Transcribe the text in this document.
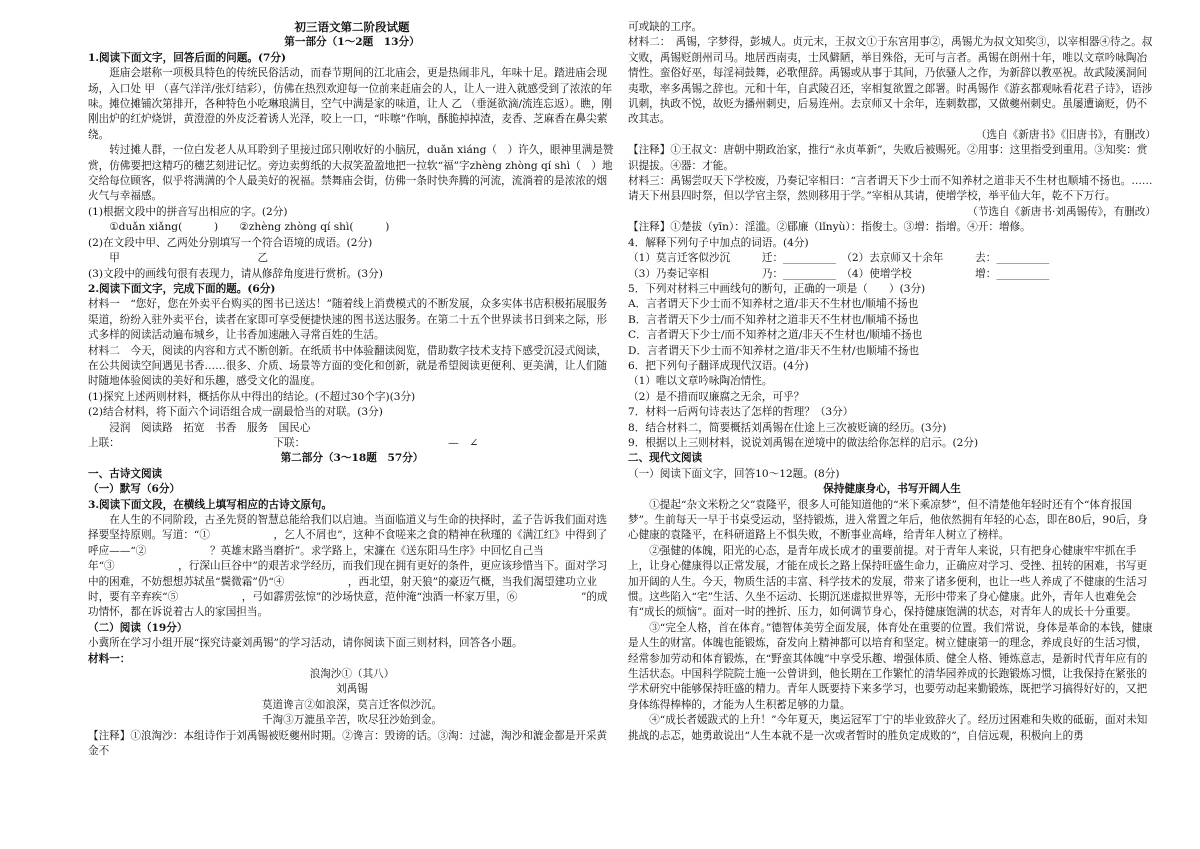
初三语文第二阶段试题

第一部分（1～2题　13分）

1.阅读下面文字，回答后面的问题。(7分)

逛庙会堪称一项极具特色的传统民俗活动，而春节期间的江北庙会，更是热闹非凡，年味十足。踏进庙会现场，入口处 甲 （喜气洋洋/张灯结彩），仿佛在热烈欢迎每一位前来赶庙会的人，让人一进入就感受到了浓浓的年味。摊位摊铺次第排开，各种特色小吃琳琅满目，空气中满是家的味道，让人 乙 （垂涎欲滴/流连忘返）。瞧，刚刚出炉的红炉烧饼，黄澄澄的外皮泛着诱人光泽，咬上一口，“咔嚓”作响，酥脆掉掉渣，麦香、芝麻香在鼻尖萦绕。

转过摊人群，一位白发老人从耳聆到子里接过邱只刚收好的小脑尻，duǎn xiáng（　）许久，眼神里满是赞赏，仿佛要把这精巧的穗艺刻进记忆。旁边卖剪纸的大叔笑盈盈地把一拉软“福”字zhèng zhòng qí shì（　）地交给每位顾客，似乎将满满的个人最美好的祝福。禁舞庙会街，仿佛一条时快奔腾的河流，流淌着的是浓浓的烟火气与幸福感。

(1)根据文段中的拼音写出相应的字。(2分)

①duǎn xiǎng(　　　)　　②zhèng zhòng qí shì(　　　)

(2)在文段中甲、乙两处分别填写一个符合语境的成语。(2分)

甲　　　　　　　　　　　　　乙

(3)文段中的画线句很有表现力，请从修辞角度进行赏析。(3分)

2.阅读下面文字，完成下面的题。(6分)

材料一　“您好，您在外卖平台购买的图书已送达！”随着线上消费模式的不断发展，众多实体书店积极拓展服务渠道，纷纷入驻外卖平台，读者在家即可享受便捷快速的图书送达服务。在第二十五个世界读书日到来之际，形式多样的阅读活动遍布城乡，让书香加速融入寻常百姓的生活。

材料二　今天，阅读的内容和方式不断创新。在纸质书中体验翻读阅览，借助数字技术支持下感受沉浸式阅读，在公共阅读空间遇见书香……很多、介质、场景等方面的变化和创新，就是希望阅读更便利、更美满，让人们随时随地体验阅读的美好和乐趣，感受文化的温度。

(1)探究上述两则材料，概括你从中得出的结论。(不超过30个字)(3分)

(2)结合材料，将下面六个词语组合成一副最恰当的对联。(3分)

浸润　阅读路　拓宽　书香　服务　国民心

上联：　　　　　　　　　　　　　　　下联：　　　　　　　　　　　　　　—　∠

第二部分（3～18题　57分）

一、古诗文阅读

（一）默写（6分）

3.阅读下面文段，在横线上填写相应的古诗文原句。

在人生的不同阶段，古圣先贤的智慧总能给我们以启迪。当面临道义与生命的抉择时，孟子告诉我们面对选择要坚持原则。写道：“①　　　　　　，乞人不屑也”，这种不食嗟来之食的精神在秋瑾的《满江红》中得到了呼应——“②　　　　　　？英雄末路当磨折”。求学路上，宋濂在《送东阳马生序》中回忆自己当年“③　　　　　　，行深山巨谷中”的艰苦求学经历，而我们现在拥有更好的条件，更应该珍惜当下。面对学习中的困难，不妨想想苏轼虽“鬓微霜”仍“④　　　　　　，西北望，射天狼”的豪迈气概，当我们渴望建功立业时，要有辛弃疾“⑤　　　　　　，弓如霹雳弦惊”的沙场快意，范仲淹“浊酒一杯家万里，⑥　　　　　　”的成功情怀，都在诉说着古人的家国担当。

（二）阅读（19分）

小冀所在学习小组开展“探究诗豪刘禹锡”的学习活动，请你阅读下面三则材料，回答各小题。

材料一：

浪淘沙①（其八）

刘禹锡

莫道谗言②如浪深，莫言迁客似沙沉。

千淘③万漉虽辛苦，吹尽狂沙始到金。

【注释】①浪淘沙：本组诗作于刘禹锡被贬夔州时期。②谗言：毁谤的话。③淘：过滤，淘沙和漉金都是开采黄金不

可或缺的工序。

材料二：　禹锡，字梦得，彭城人。贞元末，王叔文①于东宫用事②，禹锡尤为叔文知奖③，以宰相器④待之。叔文败，禹锡贬朗州司马。地居西南夷，士风僻陋，举目殊俗，无可与言者。禹锡在朗州十年，唯以文章吟咏陶冶情性。蛮俗好巫，每淫祠鼓舞，必歌俚辞。禹锡或从事于其间，乃依骚人之作，为新辞以教巫祝。故武陵溪洞间夷歌，率多禹锡之辞也。元和十年，自武陵召还，宰相复欲置之郎署。时禹锡作《游玄都观咏看花君子诗》，语涉讥刺，执政不悦，故贬为播州刺史，后易连州。去京师又十余年，连刺数郡，又做夔州刺史。虽屡遭谪贬，仍不改其志。

（选自《新唐书》《旧唐书》，有删改）

【注释】①王叔文：唐朝中期政治家，推行“永贞革新”，失败后被赐死。②用事：这里指受到重用。③知奖：赏识提拔。④器：才能。

材料三：禹锡尝叹天下学校废，乃奏记宰相曰：“言者谓天下少士而不知养材之道非天不生材也顺埔不扬也。……请天下州县四时祭，但以学官主祭，然则移用于学。”宰相从其请，使增学校，举平仙大年，乾不下万行。

（节选自《新唐书·刘禹锡传》，有删改）

【注释】①楚拔（yīn）：淫滥。②郿廉（lǐnyù）：指俊士。③增：指增。④开：增修。

4．解释下列句子中加点的词语。(4分)

（1）莫言迁客似沙沉　　　迁：__________　（2）去京师又十余年　　　去：__________

（3）乃奏记宰相　　　　　乃：__________　（4）使增学校　　　　　　增：__________

5．下列对材料三中画线句的断句，正确的一项是（　　）(3分)

A．言者谓天下少士而不知养材之道/非天不生材也/顺埔不扬也

B．言者谓天下少士/而不知养材之道非天不生材也/顺埔不扬也

C．言者谓天下少士/而不知养材之道/非天不生材也/顺埔不扬也

D．言者谓天下少士而不知养材之道/非天不生材/也顺埔不扬也

6．把下列句子翻译成现代汉语。(4分)

（1）唯以文章吟咏陶冶情性。

（2）是不措而叹廉腐之无余，可乎？

7．材料一后两句诗表达了怎样的哲理？（3分）

8．结合材料二，简要概括刘禹锡在仕途上三次被贬谪的经历。(3分)

9．根据以上三则材料，说说刘禹锡在逆境中的做法给你怎样的启示。(2分)

二、现代文阅读

（一）阅读下面文字，回答10～12题。(8分)

保持健康身心，书写开阔人生

①提起“杂文米粉之父”袁隆平，很多人可能知道他的“米下乘凉梦”，但不清楚他年轻时还有个“体育报国梦”。生前每天一早于书桌受运动，坚持锻炼，进入常置之年后，他依然拥有年轻的心态，即在80后，90后，身心健康的袁隆平，在科研道路上不惧失败，不断事业高峰，给青年人树立了榜样。

②强健的体魄，阳光的心态，是青年成长成才的重要前提。对于青年人来说，只有把身心健康牢牢抓在手上，让身心健康得以正常发展，才能在成长之路上保持旺盛生命力，正确应对学习、受挫、扭转的困难，书写更加开阔的人生。今天，物质生活的丰富、科学技术的发展，带来了诸多便利，也让一些人养成了不健康的生活习惯。这些陷入“宅”生活、久坐不运动、长期沉迷虚拟世界等，无形中带来了身心健康。此外，青年人也难免会有“成长的烦恼”。面对一时的挫折、压力，如何调节身心，保持健康饱满的状态，对青年人的成长十分重要。

③“完全人格，首在体育。”德智体美劳全面发展，体育处在重要的位置。我们常说，身体是革命的本钱，健康是人生的财富。体魄也能锻炼，奋发向上精神都可以培育和坚定。树立健康第一的理念，养成良好的生活习惯，经常参加劳动和体育锻炼，在“野蛮其体魄”中享受乐趣、增强体质、健全人格、锤炼意志，是新时代青年应有的生活状态。中国科学院院士施一公曾讲到，他长期在工作繁忙的清华园养成的长跑锻炼习惯，让我保持在紧张的学术研究中能够保持旺盛的精力。青年人既要持下来多学习，也要劳动起来勤锻炼，既把学习搞得好好的，又把身体练得棒棒的，才能为人生积蓄足够的力量。

④“成长者媛跋式的上升！”今年夏天，奥运冠军丁宁的毕业致辞火了。经历过困难和失败的砥砺，面对未知挑战的忐忑，她勇敢说出“人生本就不是一次或者暂时的胜负定成败的”，自信远观，积极向上的勇
